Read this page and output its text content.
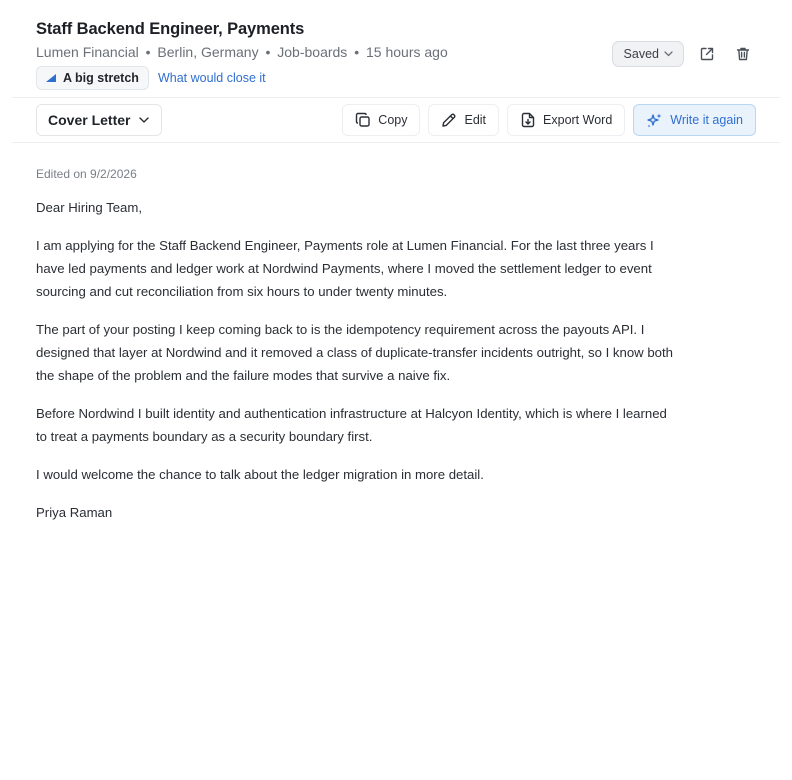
Staff Backend Engineer, Payments
Lumen Financial • Berlin, Germany • Job-boards • 15 hours ago
A big stretch What would close it
Saved
Cover Letter	Copy	Edit	Export Word	Write it again
Edited on 9/2/2026

Dear Hiring Team,

I am applying for the Staff Backend Engineer, Payments role at Lumen Financial. For the last three years I have led payments and ledger work at Nordwind Payments, where I moved the settlement ledger to event sourcing and cut reconciliation from six hours to under twenty minutes.

The part of your posting I keep coming back to is the idempotency requirement across the payouts API. I designed that layer at Nordwind and it removed a class of duplicate-transfer incidents outright, so I know both the shape of the problem and the failure modes that survive a naive fix.

Before Nordwind I built identity and authentication infrastructure at Halcyon Identity, which is where I learned to treat a payments boundary as a security boundary first.

I would welcome the chance to talk about the ledger migration in more detail.

Priya Raman
